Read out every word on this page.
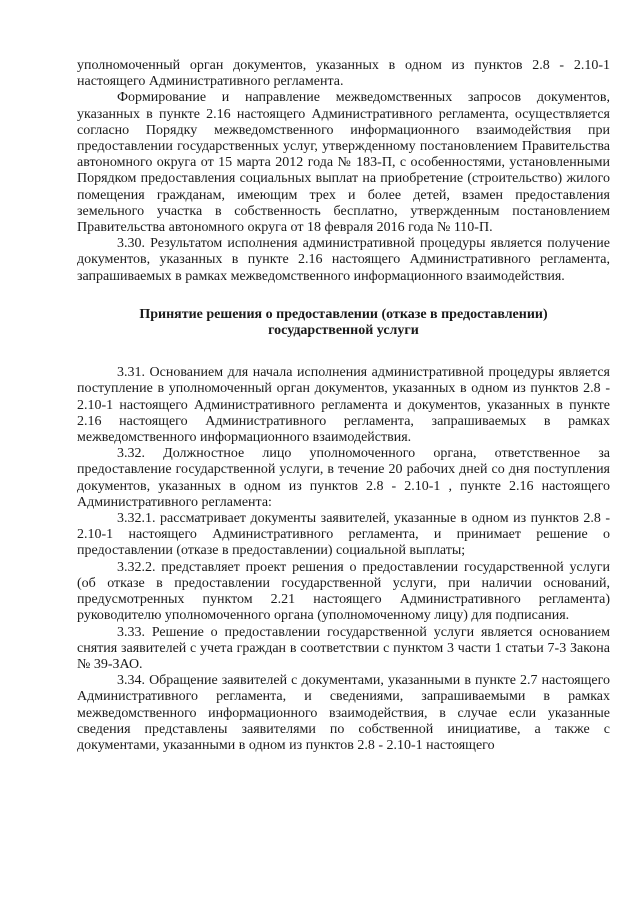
уполномоченный орган документов, указанных в одном из пунктов 2.8 - 2.10-1 настоящего Административного регламента.

Формирование и направление межведомственных запросов документов, указанных в пункте 2.16 настоящего Административного регламента, осуществляется согласно Порядку межведомственного информационного взаимодействия при предоставлении государственных услуг, утвержденному постановлением Правительства автономного округа от 15 марта 2012 года № 183-П, с особенностями, установленными Порядком предоставления социальных выплат на приобретение (строительство) жилого помещения гражданам, имеющим трех и более детей, взамен предоставления земельного участка в собственность бесплатно, утвержденным постановлением Правительства автономного округа от 18 февраля 2016 года № 110-П.

3.30. Результатом исполнения административной процедуры является получение документов, указанных в пункте 2.16 настоящего Административного регламента, запрашиваемых в рамках межведомственного информационного взаимодействия.

Принятие решения о предоставлении (отказе в предоставлении)
государственной услуги

3.31. Основанием для начала исполнения административной процедуры является поступление в уполномоченный орган документов, указанных в одном из пунктов 2.8 - 2.10-1 настоящего Административного регламента и документов, указанных в пункте 2.16 настоящего Административного регламента, запрашиваемых в рамках межведомственного информационного взаимодействия.

3.32. Должностное лицо уполномоченного органа, ответственное за предоставление государственной услуги, в течение 20 рабочих дней со дня поступления документов, указанных в одном из пунктов 2.8 - 2.10-1 , пункте 2.16 настоящего Административного регламента:

3.32.1. рассматривает документы заявителей, указанные в одном из пунктов 2.8 - 2.10-1 настоящего Административного регламента, и принимает решение о предоставлении (отказе в предоставлении) социальной выплаты;

3.32.2. представляет проект решения о предоставлении государственной услуги (об отказе в предоставлении государственной услуги, при наличии оснований, предусмотренных пунктом 2.21 настоящего Административного регламента) руководителю уполномоченного органа (уполномоченному лицу) для подписания.

3.33. Решение о предоставлении государственной услуги является основанием снятия заявителей с учета граждан в соответствии с пунктом 3 части 1 статьи 7-3 Закона № 39-ЗАО.

3.34. Обращение заявителей с документами, указанными в пункте 2.7 настоящего Административного регламента, и сведениями, запрашиваемыми в рамках межведомственного информационного взаимодействия, в случае если указанные сведения представлены заявителями по собственной инициативе, а также с документами, указанными в одном из пунктов 2.8 - 2.10-1 настоящего
